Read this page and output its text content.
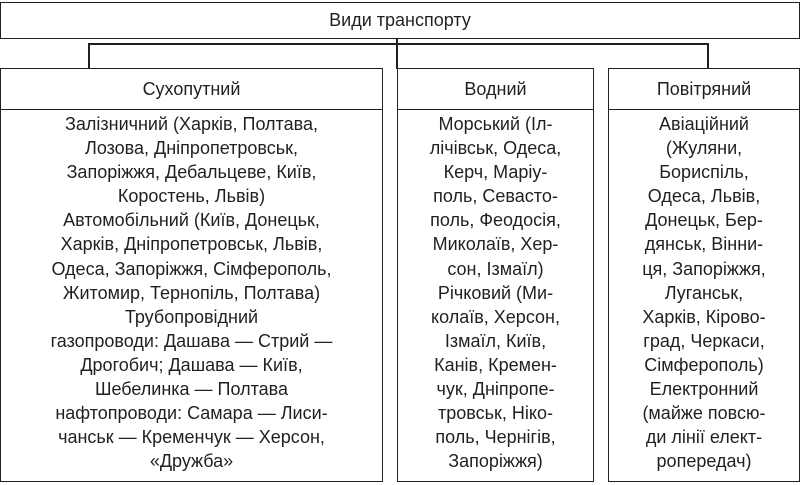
Види транспорту
Сухопутний
Залізничний (Харків, Полтава,
Лозова, Дніпропетровськ,
Запоріжжя, Дебальцеве, Київ,
Коростень, Львів)
Автомобільний (Київ, Донецьк,
Харків, Дніпропетровськ, Львів,
Одеса, Запоріжжя, Сімферополь,
Житомир, Тернопіль, Полтава)
Трубопровідний
газопроводи: Дашава — Стрий —
Дрогобич; Дашава — Київ,
Шебелинка — Полтава
нафтопроводи: Самара — Лиси-
чанськ — Кременчук — Херсон,
«Дружба»
Водний
Морський (Іл-
лічівськ, Одеса,
Керч, Маріу-
поль, Севасто-
поль, Феодосія,
Миколаїв, Хер-
сон, Ізмаїл)
Річковий (Ми-
колаїв, Херсон,
Ізмаїл, Київ,
Канів, Кремен-
чук, Дніпропе-
тровськ, Ніко-
поль, Чернігів,
Запоріжжя)
Повітряний
Авіаційний
(Жуляни,
Бориспіль,
Одеса, Львів,
Донецьк, Бер-
дянськ, Вінни-
ця, Запоріжжя,
Луганськ,
Харків, Кірово-
град, Черкаси,
Сімферополь)
Електронний
(майже повсю-
ди лінії елект-
ропередач)
